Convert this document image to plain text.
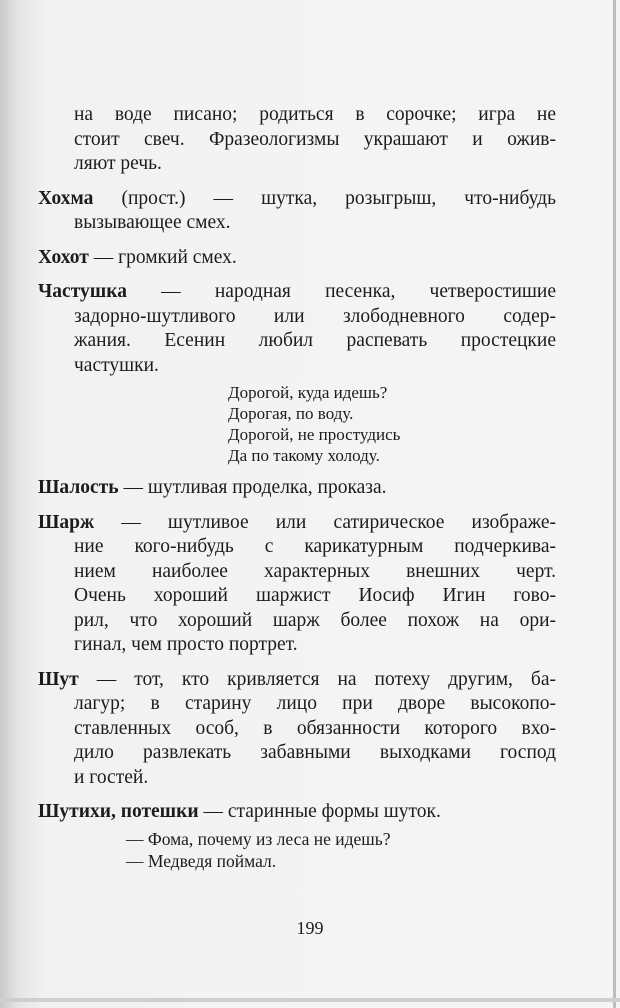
на воде писано; родиться в сорочке; игра не
стоит свеч. Фразеологизмы украшают и ожив-
ляют речь.
Хохма (прост.) — шутка, розыгрыш, что-нибудь
вызывающее смех.
Хохот — громкий смех.
Частушка — народная песенка, четверостишие
задорно-шутливого или злободневного содер-
жания. Есенин любил распевать простецкие
частушки.
Дорогой, куда идешь?
Дорогая, по воду.
Дорогой, не простудись
Да по такому холоду.
Шалость — шутливая проделка, проказа.
Шарж — шутливое или сатирическое изображе-
ние кого-нибудь с карикатурным подчеркива-
нием наиболее характерных внешних черт.
Очень хороший шаржист Иосиф Игин гово-
рил, что хороший шарж более похож на ори-
гинал, чем просто портрет.
Шут — тот, кто кривляется на потеху другим, ба-
лагур; в старину лицо при дворе высокопо-
ставленных особ, в обязанности которого вхо-
дило развлекать забавными выходками господ
и гостей.
Шутихи, потешки — старинные формы шуток.
— Фома, почему из леса не идешь?
— Медведя поймал.
199
